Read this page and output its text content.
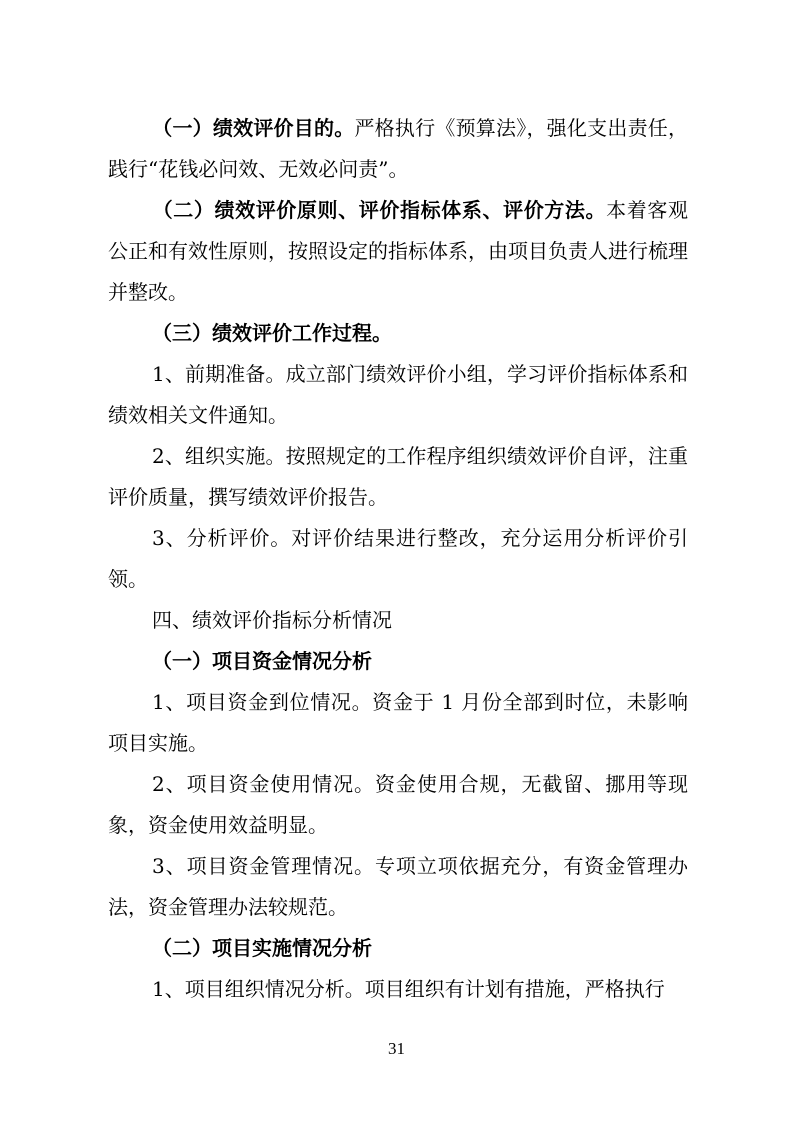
（一）绩效评价目的。严格执行《预算法》，强化支出责任，践行“花钱必问效、无效必问责”。

（二）绩效评价原则、评价指标体系、评价方法。本着客观公正和有效性原则，按照设定的指标体系，由项目负责人进行梳理并整改。

（三）绩效评价工作过程。

1、前期准备。成立部门绩效评价小组，学习评价指标体系和绩效相关文件通知。

2、组织实施。按照规定的工作程序组织绩效评价自评，注重评价质量，撰写绩效评价报告。

3、分析评价。对评价结果进行整改，充分运用分析评价引领。

四、绩效评价指标分析情况

（一）项目资金情况分析

1、项目资金到位情况。资金于 1 月份全部到时位，未影响项目实施。

2、项目资金使用情况。资金使用合规，无截留、挪用等现象，资金使用效益明显。

3、项目资金管理情况。专项立项依据充分，有资金管理办法，资金管理办法较规范。

（二）项目实施情况分析

1、项目组织情况分析。项目组织有计划有措施，严格执行

31
